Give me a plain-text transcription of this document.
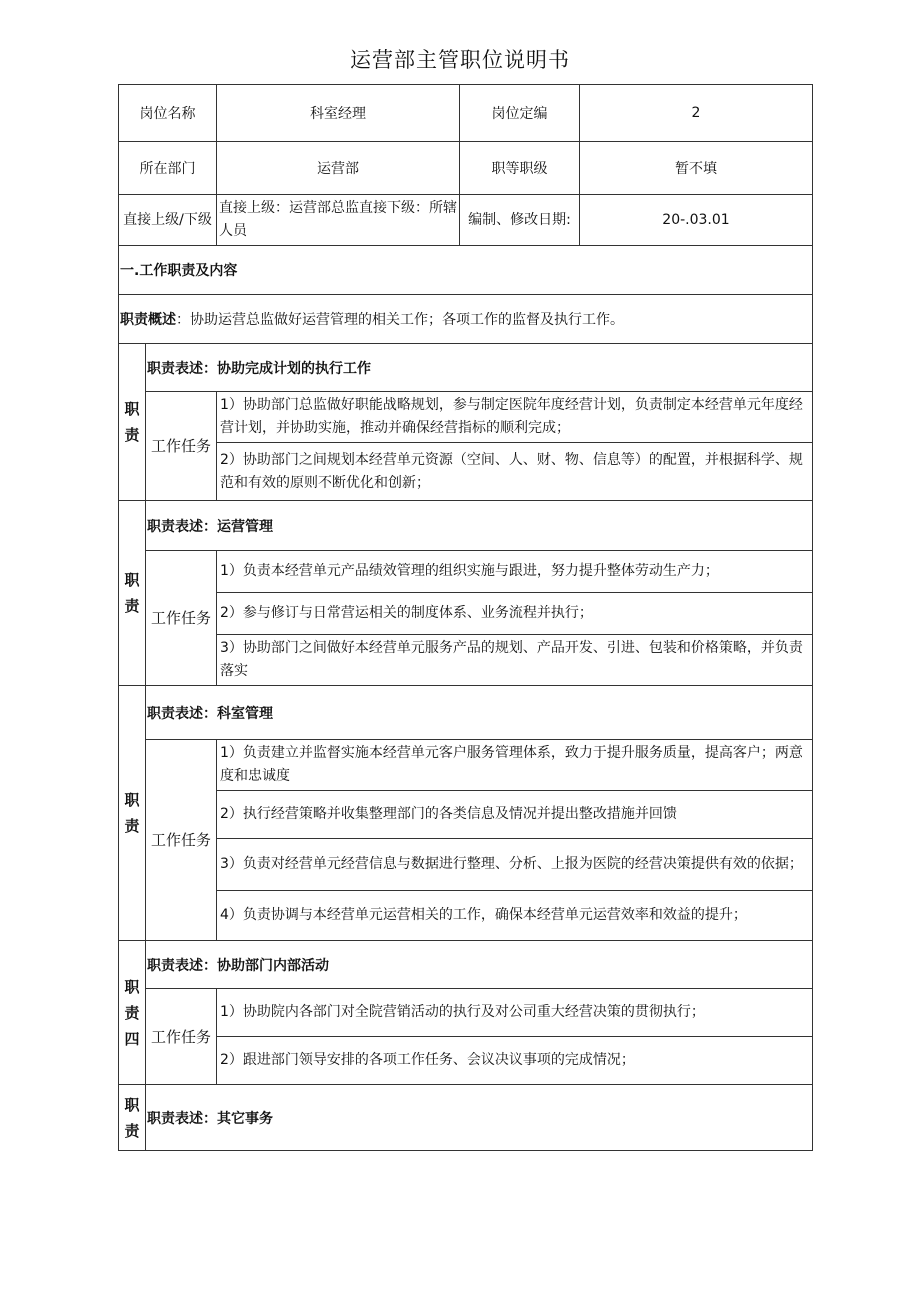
运营部主管职位说明书
岗位名称		科室经理	岗位定编	2
所在部门		运营部	职等职级	暂不填
直接上级/下级		直接上级：运营部总监直接下级：所辖人员	编制、修改日期:	20-.03.01
一.工作职责及内容				
职责概述：协助运营总监做好运营管理的相关工作；各项工作的监督及执行工作。				
职责	职责表述：协助完成计划的执行工作			
	工作任务	1）协助部门总监做好职能战略规划，参与制定医院年度经营计划，负责制定本经营单元年度经营计划，并协助实施，推动并确保经营指标的顺利完成；		
		2）协助部门之间规划本经营单元资源（空间、人、财、物、信息等）的配置，并根据科学、规范和有效的原则不断优化和创新；		
职责	职责表述：运营管理			
	工作任务	1）负责本经营单元产品绩效管理的组织实施与跟进，努力提升整体劳动生产力；		
		2）参与修订与日常营运相关的制度体系、业务流程并执行；		
		3）协助部门之间做好本经营单元服务产品的规划、产品开发、引进、包装和价格策略，并负责落实		
职责	职责表述：科室管理			
	工作任务	1）负责建立并监督实施本经营单元客户服务管理体系，致力于提升服务质量，提高客户；两意度和忠诚度		
		2）执行经营策略并收集整理部门的各类信息及情况并提出整改措施并回馈		
		3）负责对经营单元经营信息与数据进行整理、分析、上报为医院的经营决策提供有效的依据；		
		4）负责协调与本经营单元运营相关的工作，确保本经营单元运营效率和效益的提升；		
职责四	职责表述：协助部门内部活动			
	工作任务	1）协助院内各部门对全院营销活动的执行及对公司重大经营决策的贯彻执行；		
		2）跟进部门领导安排的各项工作任务、会议决议事项的完成情况；		
职责	职责表述：其它事务			
